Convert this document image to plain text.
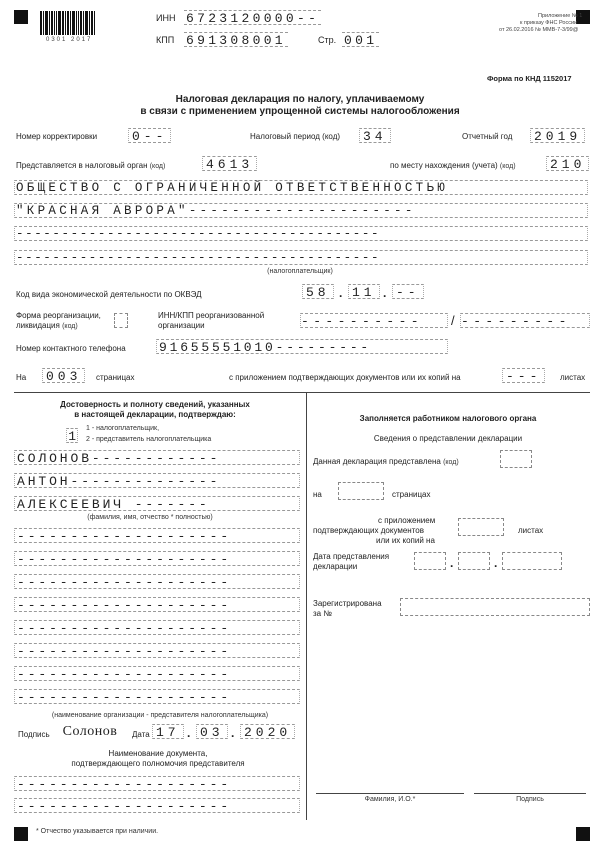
0301 2017
ИНН 6723120000--
КПП 691308001	Стр. 001
Приложение № 1
к приказу ФНС России
от 26.02.2016 № ММВ-7-3/99@
Форма по КНД 1152017
Налоговая декларация по налогу, уплачиваемому
в связи с применением упрощенной системы налогообложения
Номер корректировки	0--	Налоговый период (код)	34	Отчетный год	2019
Представляется в налоговый орган (код)	4613	по месту нахождения (учета) (код)	210
ОБЩЕСТВО С ОГРАНИЧЕННОЙ ОТВЕТСТВЕННОСТЬЮ
"КРАСНАЯ АВРОРА"---------------------
----------------------------------------
----------------------------------------
(налогоплательщик)
Код вида экономической деятельности по ОКВЭД	58 . 11 . --
Форма реорганизации,
ликвидация (код)
ИНН/КПП реорганизованной
организации	----------	/ ---------
Номер контактного телефона	91655551010---------
На	003	страницах	с приложением подтверждающих документов или их копий на	---	листах
Достоверность и полноту сведений, указанных
в настоящей декларации, подтверждаю:
1
1 - налогоплательщик,
2 - представитель налогоплательщика
СОЛОНОВ------------
АНТОН--------------
АЛЕКСЕЕВИЧ -------
(фамилия, имя, отчество * полностью)
--------------------
--------------------
--------------------
--------------------
--------------------
--------------------
--------------------
--------------------
(наименование организации - представителя налогоплательщика)
Подпись Солонов	Дата 17 . 03 . 2020
Наименование документа,
подтверждающего полномочия представителя
--------------------
--------------------
* Отчество указывается при наличии.
Заполняется работником налогового органа
Сведения о представлении декларации
Данная декларация представлена (код)
на	страницах
с приложением
подтверждающих документов
или их копий на
листах
Дата представления
декларации	.	.
Зарегистрирована
за №
Фамилия, И.О.*	Подпись
